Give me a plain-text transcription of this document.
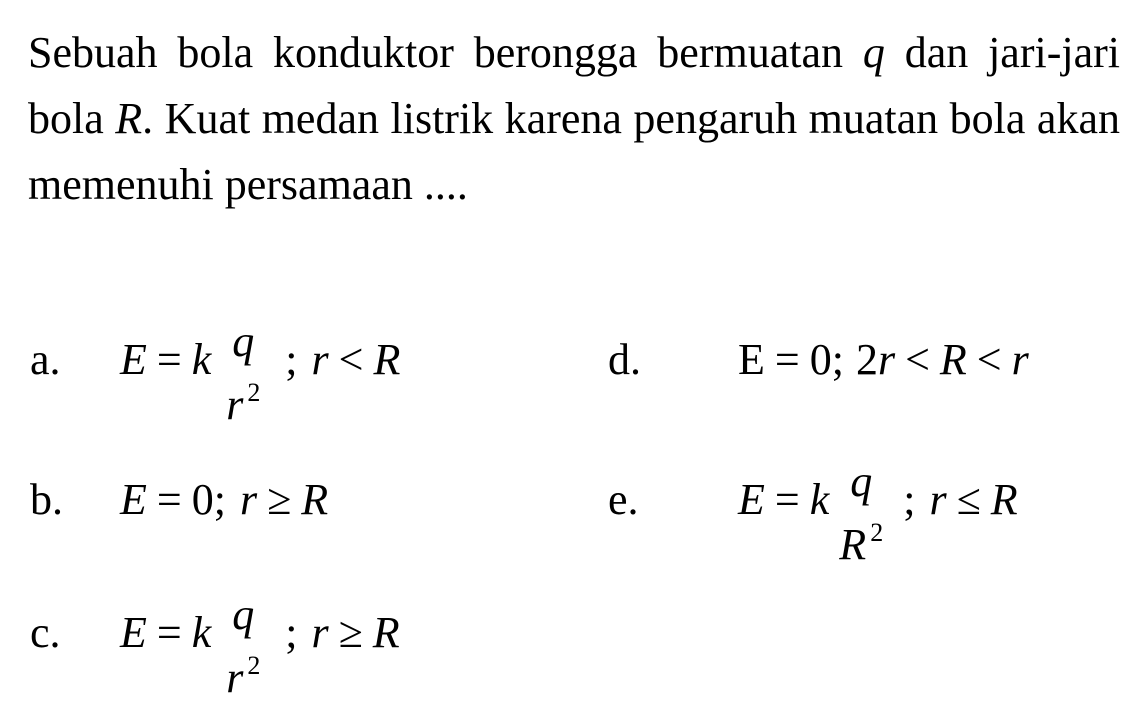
Sebuah bola konduktor berongga bermuatan q dan jari-jari bola R. Kuat medan listrik karena pengaruh muatan bola akan memenuhi persamaan ....
a. E = k q
r $^2$
; r < R	d. E = 0; 2 r < R < r
b. E = 0; r ≥ R	e. E = k q
R $^2$
; r ≤ R
c. E = k q
r $^2$
; r ≥ R
